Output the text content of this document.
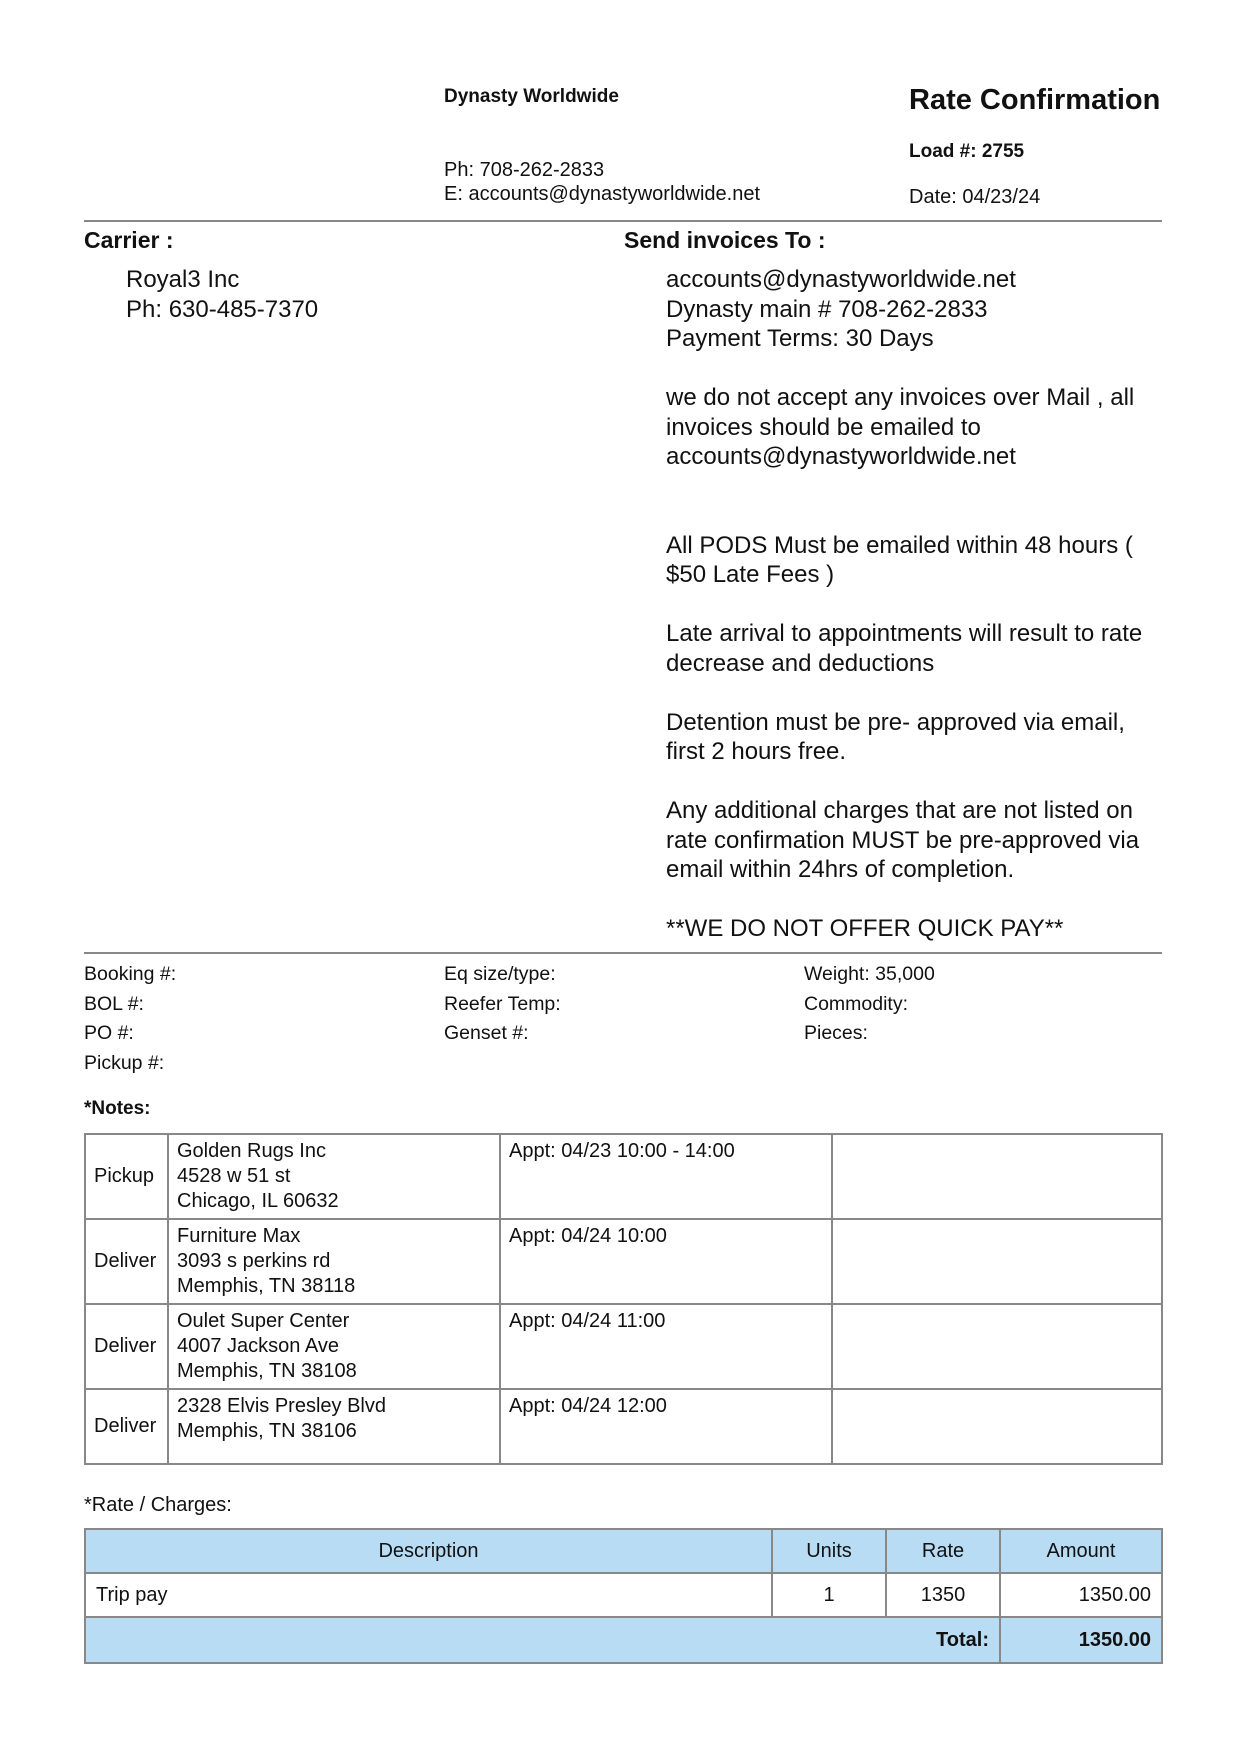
Dynasty Worldwide
Ph: 708-262-2833
E: accounts@dynastyworldwide.net
Rate Confirmation
Load #: 2755
Date: 04/23/24
Carrier :
Royal3 Inc
Ph: 630-485-7370
Send invoices To :

accounts@dynastyworldwide.net
Dynasty main # 708-262-2833
Payment Terms: 30 Days

we do not accept any invoices over Mail , all invoices should be emailed to accounts@dynastyworldwide.net

All PODS Must be emailed within 48 hours ( $50 Late Fees )

Late arrival to appointments will result to rate decrease and deductions

Detention must be pre- approved via email, first 2 hours free.

Any additional charges that are not listed on rate confirmation MUST be pre-approved via email within 24hrs of completion.

**WE DO NOT OFFER QUICK PAY**

Booking #:
BOL #:
PO #:
Pickup #:
Eq size/type:
Reefer Temp:
Genset #:
Weight: 35,000
Commodity:
Pieces:
*Notes:
Pickup	Golden Rugs Inc
4528 w 51 st
Chicago, IL 60632	Appt: 04/23 10:00 - 14:00	
Deliver	Furniture Max
3093 s perkins rd
Memphis, TN 38118	Appt: 04/24 10:00	
Deliver	Oulet Super Center
4007 Jackson Ave
Memphis, TN 38108	Appt: 04/24 11:00	
Deliver	2328 Elvis Presley Blvd
Memphis, TN 38106	Appt: 04/24 12:00	
*Rate / Charges:
Description	Units	Rate	Amount
Trip pay	1	1350	1350.00
Total:			1350.00
